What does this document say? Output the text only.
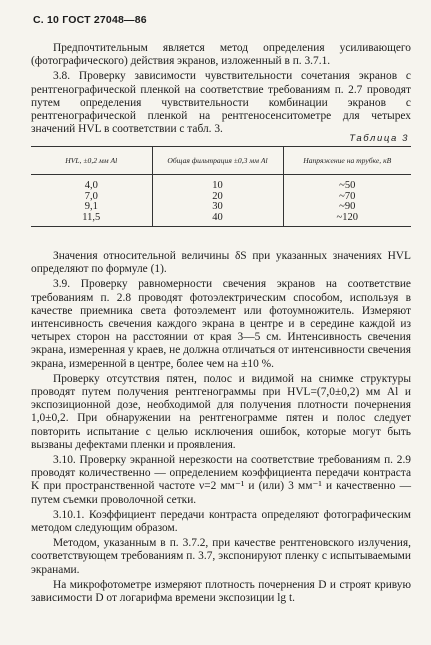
С. 10 ГОСТ 27048—86

Предпочтительным является метод определения усиливающего (фотографического) действия экранов, изложенный в п. 3.7.1.

3.8. Проверку зависимости чувствительности сочетания экранов с рентгенографической пленкой на соответствие требованиям п. 2.7 проводят путем определения чувствительности комбинации экранов с рентгенографической пленкой на рентгеносенситометре для четырех значений HVL в соответствии с табл. 3.

Таблица 3
HVL, ±0,2 мм Al	Общая фильтрация ±0,3 мм Al	Напряжение на трубке, кВ
4,0	10	~50
7,0	20	~70
9,1	30	~90
11,5	40	~120

Значения относительной величины δS при указанных значениях HVL определяют по формуле (1).

3.9. Проверку равномерности свечения экранов на соответствие требованиям п. 2.8 проводят фотоэлектрическим способом, используя в качестве приемника света фотоэлемент или фотоумножитель. Измеряют интенсивность свечения каждого экрана в центре и в середине каждой из четырех сторон на расстоянии от края 3—5 см. Интенсивность свечения экрана, измеренная у краев, не должна отличаться от интенсивности свечения экрана, измеренной в центре, более чем на ±10 %.

Проверку отсутствия пятен, полос и видимой на снимке структуры проводят путем получения рентгенограммы при HVL=(7,0±0,2) мм Al и экспозиционной дозе, необходимой для получения плотности почернения 1,0±0,2. При обнаружении на рентгенограмме пятен и полос следует повторить испытание с целью исключения ошибок, которые могут быть вызваны дефектами пленки и проявления.

3.10. Проверку экранной нерезкости на соответствие требованиям п. 2.9 проводят количественно — определением коэффициента передачи контраста K при пространственной частоте ν=2 мм⁻¹ и (или) 3 мм⁻¹ и качественно — путем съемки проволочной сетки.

3.10.1. Коэффициент передачи контраста определяют фотографическим методом следующим образом.

Методом, указанным в п. 3.7.2, при качестве рентгеновского излучения, соответствующем требованиям п. 3.7, экспонируют пленку с испытываемыми экранами.

На микрофотометре измеряют плотность почернения D и строят кривую зависимости D от логарифма времени экспозиции lg t.
